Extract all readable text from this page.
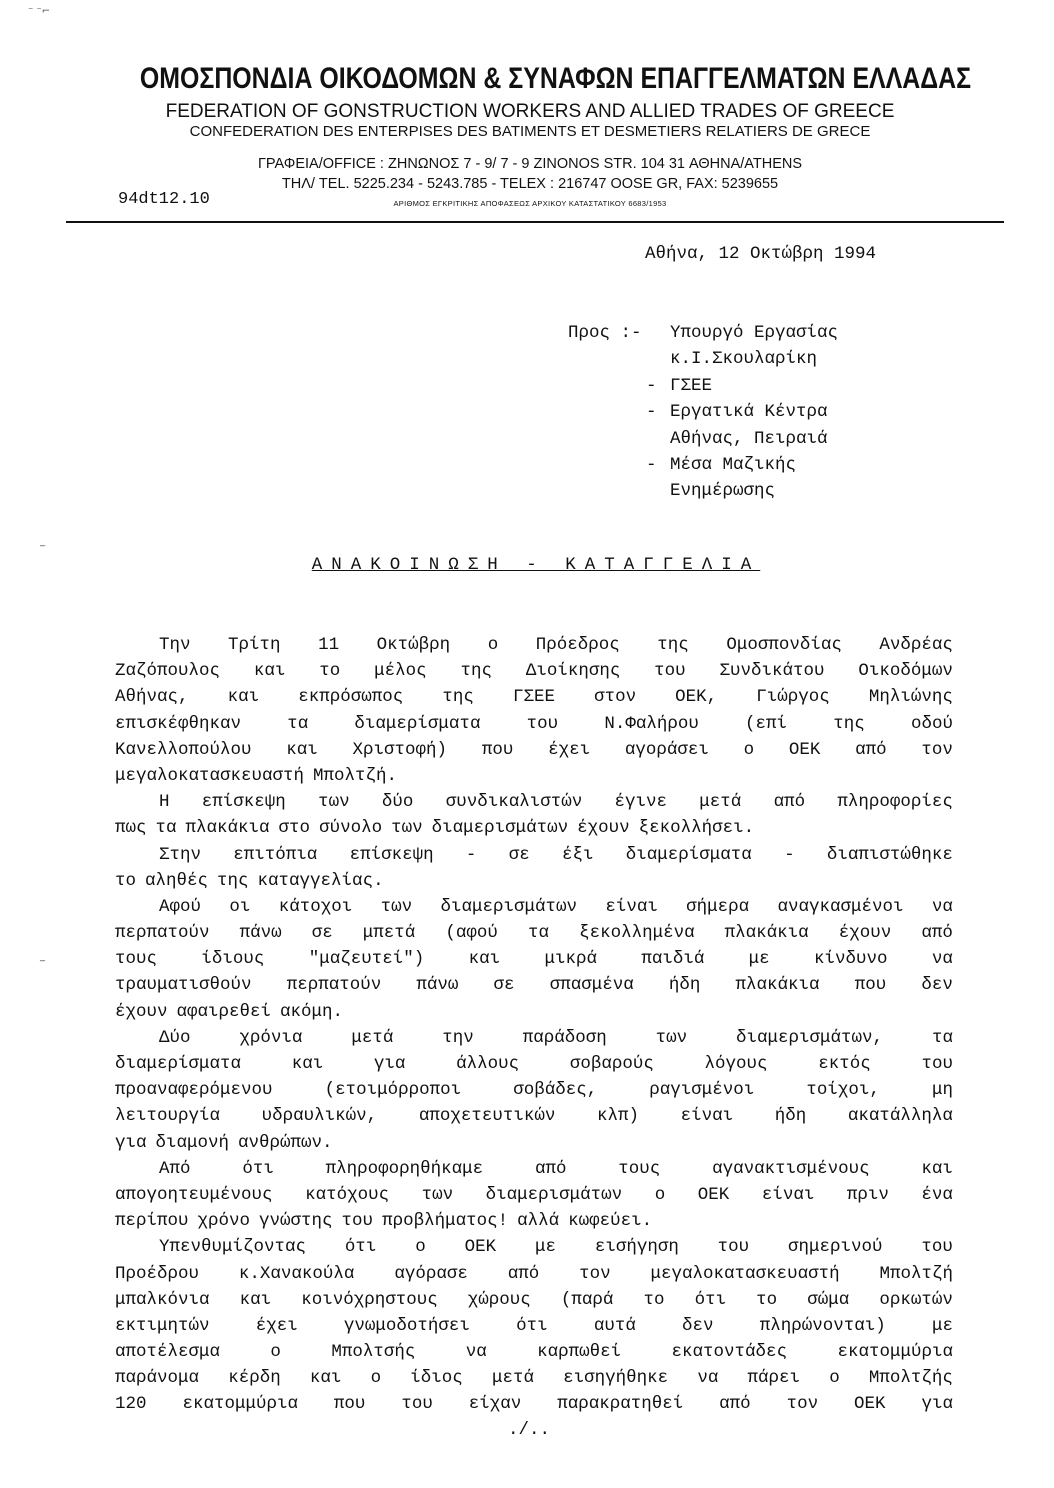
⁻ ⁻⌐
‾
‾
ΟΜΟΣΠΟΝΔΙΑ ΟΙΚΟΔΟΜΩΝ & ΣΥΝΑΦΩΝ ΕΠΑΓΓΕΛΜΑΤΩΝ ΕΛΛΑΔΑΣ
FEDERATION OF GONSTRUCTION WORKERS AND ALLIED TRADES OF GREECE
CONFEDERATION DES ENTERPISES DES BATIMENTS ET DESMETIERS RELATIERS DE GRECE
ΓΡΑΦΕΙΑ/OFFICE : ΖΗΝΩΝΟΣ 7 - 9/ 7 - 9 ZINONOS STR. 104 31 ΑΘΗΝΑ/ATHENS
ΤΗΛ/ TEL. 5225.234 - 5243.785 - TELEX : 216747 OOSE GR, FAX: 5239655
ΑΡΙΘΜΟΣ ΕΓΚΡΙΤΙΚΗΣ ΑΠΟΦΑΣΕΩΣ ΑΡΧΙΚΟΥ ΚΑΤΑΣΤΑΤΙΚΟΥ 6683/1953
94dt12.10
Αθήνα, 12 Οκτώβρη 1994
Προς :- Υπουργό Εργασίας
κ.Ι.Σκουλαρίκη
- ΓΣΕΕ
- Εργατικά Κέντρα
Αθήνας, Πειραιά
- Μέσα Μαζικής
Ενημέρωσης
ΑΝΑΚΟΙΝΩΣΗ - ΚΑΤΑΓΓΕΛΙΑ
Την Τρίτη 11 Οκτώβρη ο Πρόεδρος της Ομοσπονδίας Ανδρέας
Ζαζόπουλος και το μέλος της Διοίκησης του Συνδικάτου Οικοδόμων
Αθήνας, και εκπρόσωπος της ΓΣΕΕ στον ΟΕΚ, Γιώργος Μηλιώνης
επισκέφθηκαν	τα	διαμερίσματα	του	Ν.Φαλήρου	(επί	της	οδού
Κανελλοπούλου και Χριστοφή) που έχει αγοράσει ο ΟΕΚ από τον
μεγαλοκατασκευαστή Μπολτζή.
Η επίσκεψη των δύο συνδικαλιστών έγινε μετά από πληροφορίες
πως τα πλακάκια στο σύνολο των διαμερισμάτων έχουν ξεκολλήσει.
Στην επιτόπια επίσκεψη - σε έξι διαμερίσματα - διαπιστώθηκε
το αληθές της καταγγελίας.
Αφού οι κάτοχοι των διαμερισμάτων είναι σήμερα αναγκασμένοι να
περπατούν πάνω σε μπετά (αφού τα ξεκολλημένα πλακάκια έχουν από
τους	ίδιους	"μαζευτεί")	και	μικρά	παιδιά	με	κίνδυνο	να
τραυματισθούν περπατούν πάνω σε σπασμένα ήδη πλακάκια που δεν
έχουν αφαιρεθεί ακόμη.
Δύο	χρόνια	μετά	την	παράδοση	των	διαμερισμάτων,	τα
διαμερίσματα	και	για	άλλους	σοβαρούς	λόγους	εκτός	του
προαναφερόμενου	(ετοιμόρροποι	σοβάδες,	ραγισμένοι	τοίχοι,	μη
λειτουργία υδραυλικών, αποχετευτικών κλπ) είναι ήδη ακατάλληλα
για διαμονή ανθρώπων.
Από	ότι	πληροφορηθήκαμε	από	τους	αγανακτισμένους	και
απογοητευμένους κατόχους των διαμερισμάτων ο ΟΕΚ είναι πριν ένα
περίπου χρόνο γνώστης του προβλήματος! αλλά κωφεύει.
Υπενθυμίζοντας ότι ο ΟΕΚ με εισήγηση του σημερινού του
Προέδρου κ.Χανακούλα αγόρασε από τον μεγαλοκατασκευαστή Μπολτζή
μπαλκόνια και κοινόχρηστους χώρους (παρά το ότι το σώμα ορκωτών
εκτιμητών	έχει	γνωμοδοτήσει	ότι	αυτά	δεν	πληρώνονται)	με
αποτέλεσμα	ο	Μπολτσής	να	καρπωθεί	εκατοντάδες	εκατομμύρια
παράνομα κέρδη και ο ίδιος μετά εισηγήθηκε να πάρει ο Μπολτζής
120 εκατομμύρια που του είχαν παρακρατηθεί από τον ΟΕΚ για
./..
